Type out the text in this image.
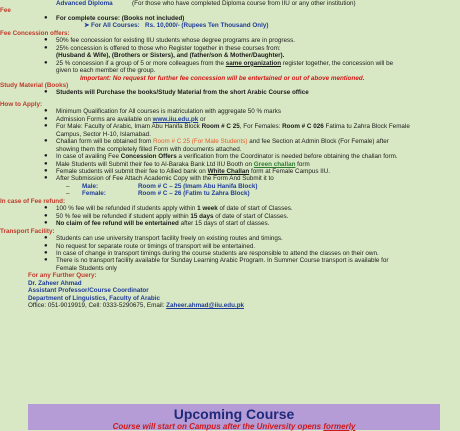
Advanced Diploma	(For those who have completed Diploma course from IIU or any other institution)
Fee
● For complete course: (Books not included)
➤ For All Courses: Rs. 10,000/- (Rupees Ten Thousand Only)
Fee Concession offers:
● 50% fee concession for existing IIU students whose degree programs are in progress.
● 25% concession is offered to those who Register together in these courses from:
(Husband & Wife), (Brothers or Sisters), and (father/son & Mother/Daughter).
● 25 % concession if a group of 5 or more colleagues from the same organization register together, the concession will be
given to each member of the group.
Important: No request for further fee concession will be entertained or out of above mentioned.
Study Material (Books)
● Students will Purchase the books/Study Material from the short Arabic Course office
How to Apply:
● Minimum Qualification for All courses is matriculation with aggregate 50 % marks
● Admission Forms are available on www.iiu.edu.pk or
● For Male: Faculty of Arabic, Imam Abu Hanifa Block Room # C 25, For Females: Room # C 026 Fatima tu Zahra Block Female
Campus, Sector H-10, Islamabad.
● Challan form will be obtained from Room # C 25 (For Male Students) and fee Section at Admin Block (For Female) after
showing them the completely filled Form with documents attached.
● In case of availing Fee Concession Offers a verification from the Coordinator is needed before obtaining the challan form.
● Male Students will Submit their fee to Al-Baraka Bank Ltd IIU Booth on Green challan form
● Female students will submit their fee to Allied bank on White Challan form at Female Campus IIU.
● After Submission of Fee Attach Academic Copy with the Form And Submit it to
– Male:	Room # C – 25 (Imam Abu Hanifa Block)
– Female:	Room # C – 26 (Fatim tu Zahra Block)
In case of Fee refund:
● 100 % fee will be refunded if students apply within 1 week of date of start of Classes.
● 50 % fee will be refunded if student apply within 15 days of date of start of Classes.
● No claim of fee refund will be entertained after 15 days of start of classes.
Transport Facility:
● Students can use university transport facility freely on existing routes and timings.
● No request for separate route or timings of transport will be entertained.
● In case of change in transport timings during the course students are responsible to attend the classes on their own.
● There is no transport facility available for Sunday Learning Arabic Program. In Summer Course transport is available for
Female Students only
For any Further Query:
Dr. Zaheer Ahmad
Assistant Professor/Course Coordinator
Department of Linguistics, Faculty of Arabic
Office: 051-9019919, Cell: 0333-5290675, Email: Zaheer.ahmad@iiu.edu.pk
Upcoming Course
Course will start on Campus after the University opens formerly
